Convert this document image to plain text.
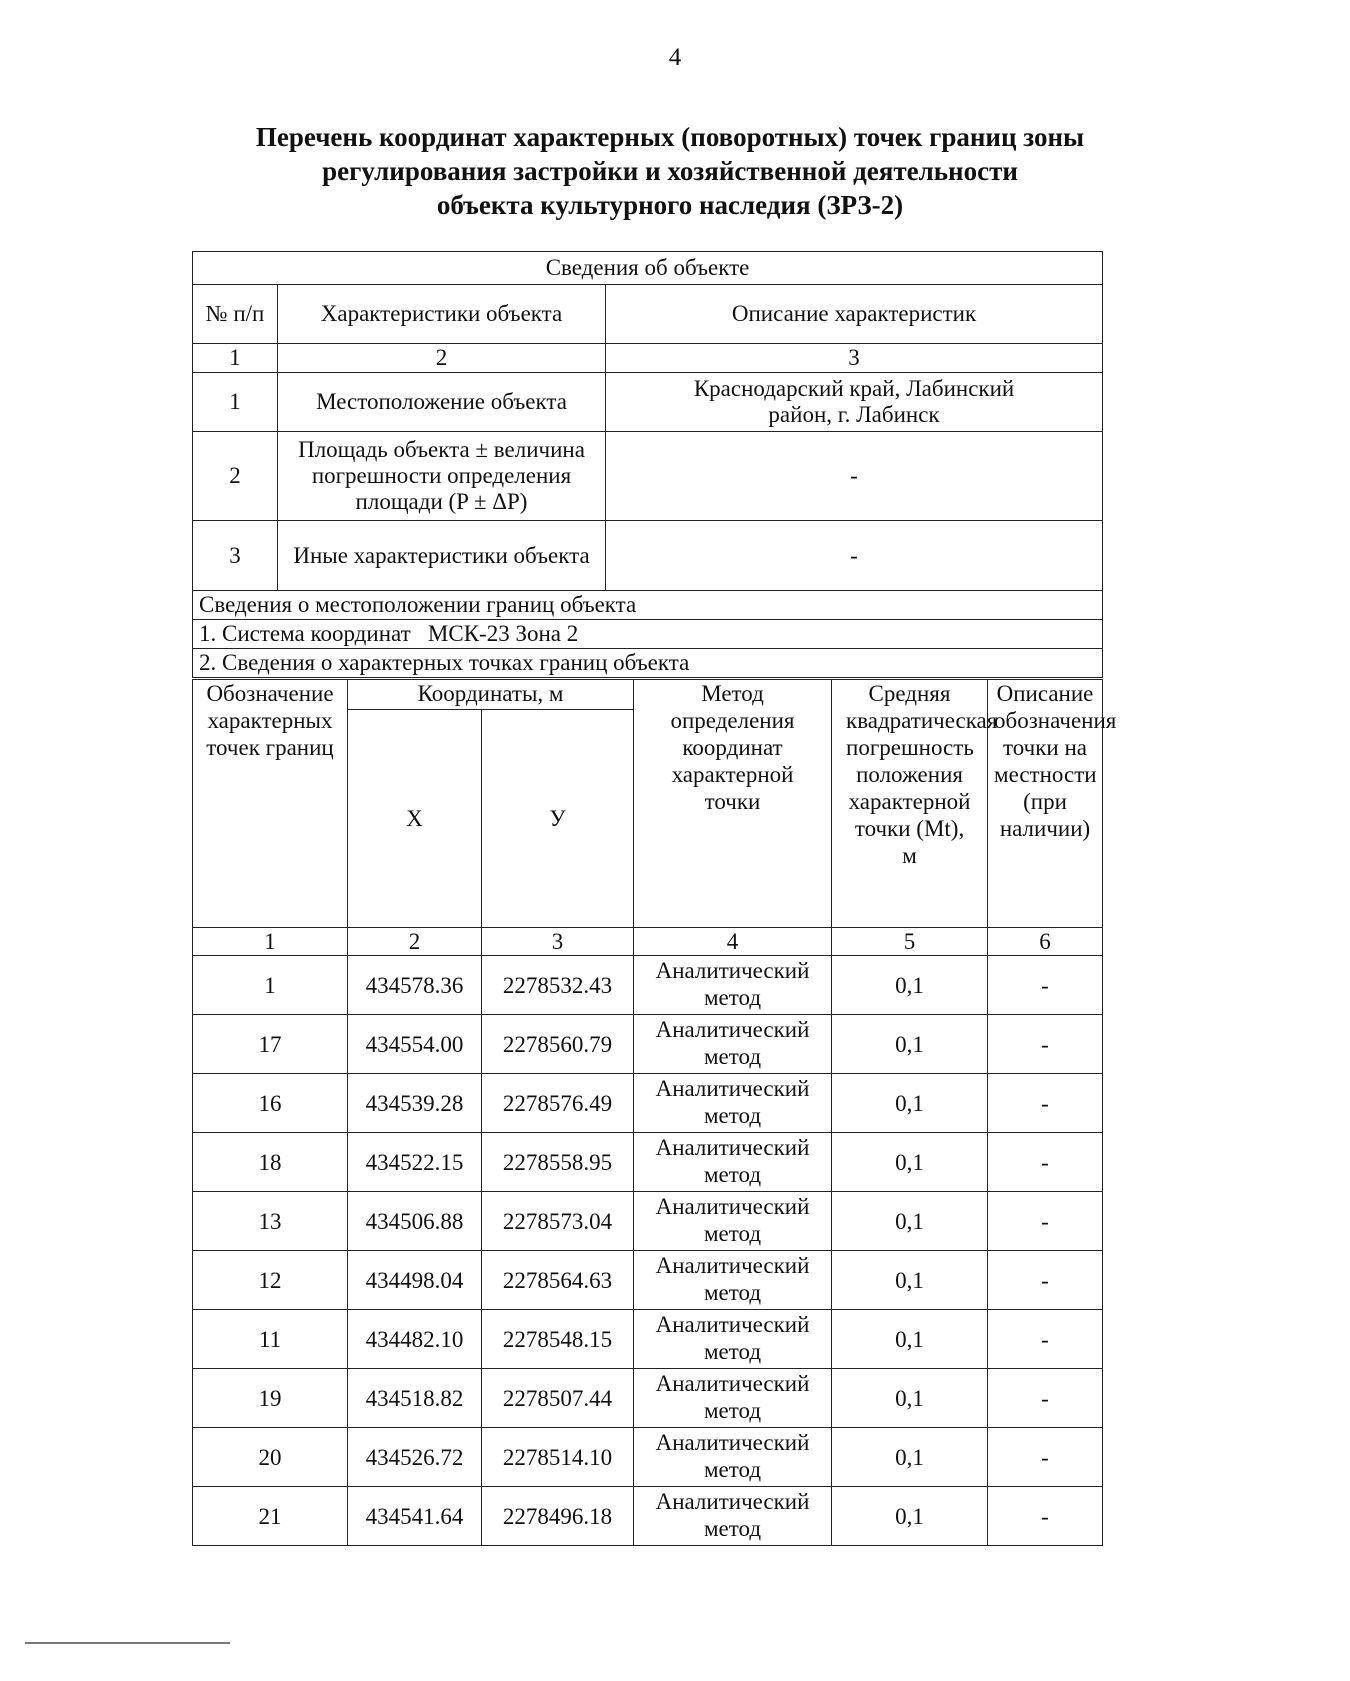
4
Перечень координат характерных (поворотных) точек границ зоны
регулирования застройки и хозяйственной деятельности
объекта культурного наследия (ЗРЗ-2)
Сведения об объекте		
№ п/п	Характеристики объекта	Описание характеристик
1	2	3
1	Местоположение объекта	Краснодарский край, Лабинский район, г. Лабинск
2	Площадь объекта ± величина погрешности определения площади (P ± ΔP)	-
3	Иные характеристики объекта	-
Сведения о местоположении границ объекта		
1. Система координат   МСК-23 Зона 2		
2. Сведения о характерных точках границ объекта		
Обозначение характерных точек границ	Координаты, м		Метод определения координат характерной точки	Средняя квадратическая погрешность положения характерной точки (Mt), м	Описание обозначения точки на местности (при наличии)
	X	У			
1	2	3	4	5	6
1	434578.36	2278532.43	Аналитический метод	0,1	-
17	434554.00	2278560.79	Аналитический метод	0,1	-
16	434539.28	2278576.49	Аналитический метод	0,1	-
18	434522.15	2278558.95	Аналитический метод	0,1	-
13	434506.88	2278573.04	Аналитический метод	0,1	-
12	434498.04	2278564.63	Аналитический метод	0,1	-
11	434482.10	2278548.15	Аналитический метод	0,1	-
19	434518.82	2278507.44	Аналитический метод	0,1	-
20	434526.72	2278514.10	Аналитический метод	0,1	-
21	434541.64	2278496.18	Аналитический метод	0,1	-
